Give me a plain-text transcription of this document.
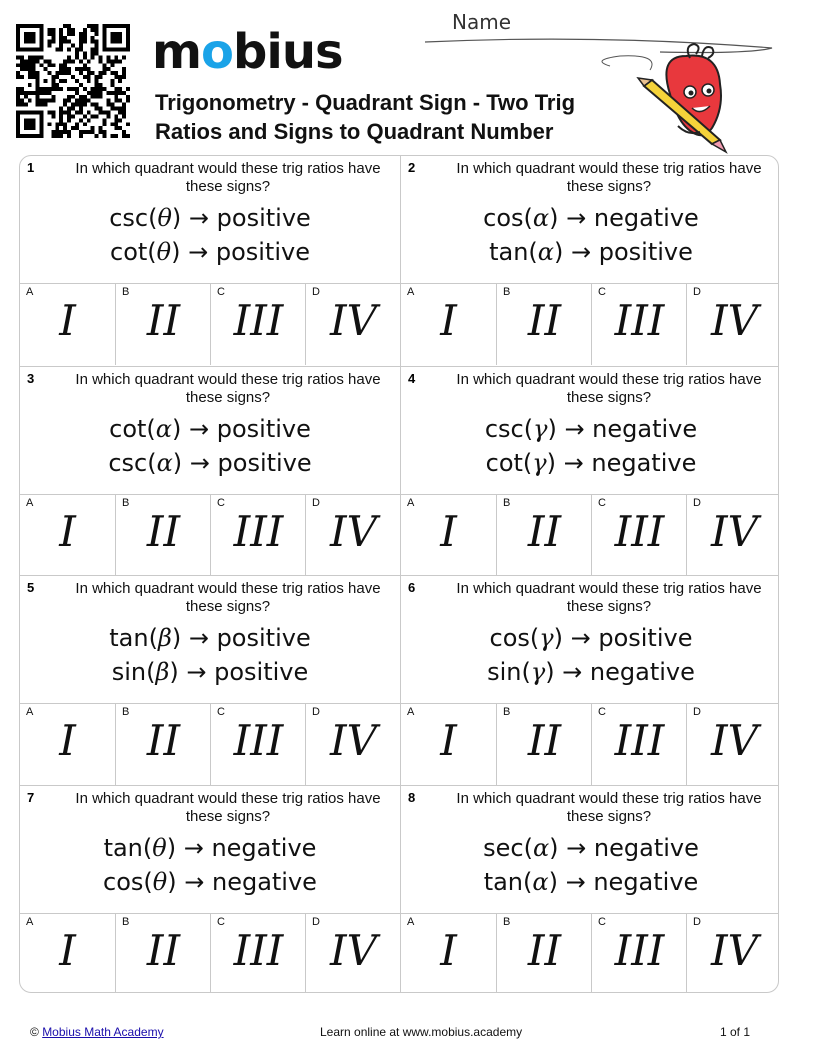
mobius
Trigonometry - Quadrant Sign - Two Trig Ratios and Signs to Quadrant Number
Name
1	In which quadrant would these trig ratios have these signs?
csc(θ) → positive
cot(θ) → positive
A
I
B
II
C
III
D
IV
2	In which quadrant would these trig ratios have these signs?
cos(α) → negative
tan(α) → positive
A
I
B
II
C
III
D
IV
3	In which quadrant would these trig ratios have these signs?
cot(α) → positive
csc(α) → positive
A
I
B
II
C
III
D
IV
4	In which quadrant would these trig ratios have these signs?
csc(γ) → negative
cot(γ) → negative
A
I
B
II
C
III
D
IV
5	In which quadrant would these trig ratios have these signs?
tan(β) → positive
sin(β) → positive
A
I
B
II
C
III
D
IV
6	In which quadrant would these trig ratios have these signs?
cos(γ) → positive
sin(γ) → negative
A
I
B
II
C
III
D
IV
7	In which quadrant would these trig ratios have these signs?
tan(θ) → negative
cos(θ) → negative
A
I
B
II
C
III
D
IV
8	In which quadrant would these trig ratios have these signs?
sec(α) → negative
tan(α) → negative
A
I
B
II
C
III
D
IV
© Mobius Math Academy	Learn online at www.mobius.academy	1 of 1
